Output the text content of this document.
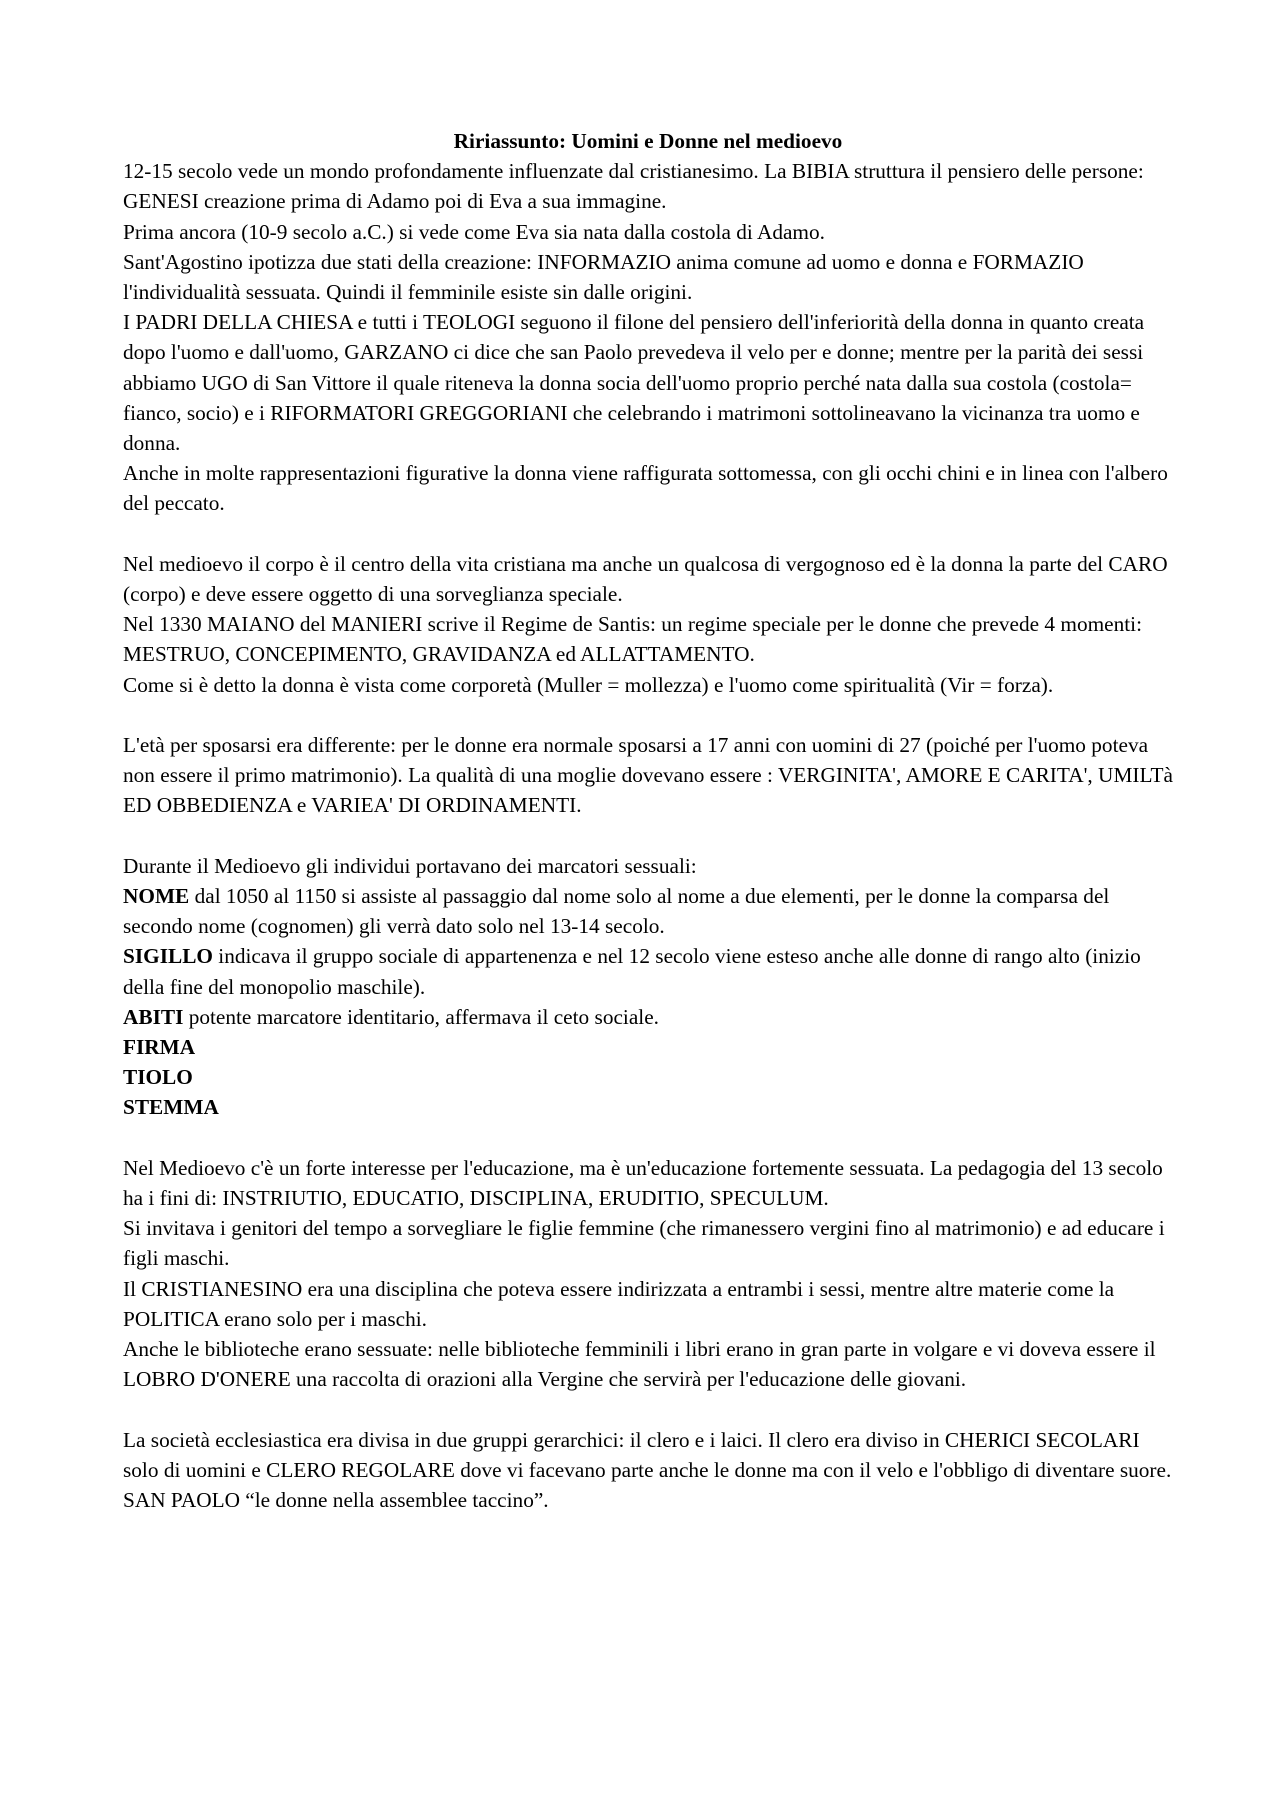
Ririassunto: Uomini e Donne nel medioevo

12-15 secolo vede un mondo profondamente influenzate dal cristianesimo. La BIBIA struttura il pensiero delle persone: GENESI creazione prima di Adamo poi di Eva a sua immagine.

Prima ancora (10-9 secolo a.C.) si vede come Eva sia nata dalla costola di Adamo.

Sant'Agostino ipotizza due stati della creazione: INFORMAZIO anima comune ad uomo e donna e FORMAZIO l'individualità sessuata. Quindi il femminile esiste sin dalle origini.

I PADRI DELLA CHIESA e tutti i TEOLOGI seguono il filone del pensiero dell'inferiorità della donna in quanto creata dopo l'uomo e dall'uomo, GARZANO ci dice che san Paolo prevedeva il velo per e donne; mentre per la parità dei sessi abbiamo UGO di San Vittore il quale riteneva la donna socia dell'uomo proprio perché nata dalla sua costola (costola= fianco, socio) e i RIFORMATORI GREGGORIANI che celebrando i matrimoni sottolineavano la vicinanza tra uomo e donna.

Anche in molte rappresentazioni figurative la donna viene raffigurata sottomessa, con gli occhi chini e in linea con l'albero del peccato.

Nel medioevo il corpo è il centro della vita cristiana ma anche un qualcosa di vergognoso ed è la donna la parte del CARO (corpo) e deve essere oggetto di una sorveglianza speciale.

Nel 1330 MAIANO del MANIERI scrive il Regime de Santis: un regime speciale per le donne che prevede 4 momenti: MESTRUO, CONCEPIMENTO, GRAVIDANZA ed ALLATTAMENTO.

Come si è detto la donna è vista come corporetà (Muller = mollezza) e l'uomo come spiritualità (Vir = forza).

L'età per sposarsi era differente: per le donne era normale sposarsi a 17 anni con uomini di 27 (poiché per l'uomo poteva non essere il primo matrimonio). La qualità di una moglie dovevano essere : VERGINITA', AMORE E CARITA', UMILTà ED OBBEDIENZA e VARIEA' DI ORDINAMENTI.

Durante il Medioevo gli individui portavano dei marcatori sessuali:

NOME dal 1050 al 1150 si assiste al passaggio dal nome solo al nome a due elementi, per le donne la comparsa del secondo nome (cognomen) gli verrà dato solo nel 13-14 secolo.

SIGILLO indicava il gruppo sociale di appartenenza e nel 12 secolo viene esteso anche alle donne di rango alto (inizio della fine del monopolio maschile).

ABITI potente marcatore identitario, affermava il ceto sociale.

FIRMA

TIOLO

STEMMA

Nel Medioevo c'è un forte interesse per l'educazione, ma è un'educazione fortemente sessuata. La pedagogia del 13 secolo ha i fini di: INSTRIUTIO, EDUCATIO, DISCIPLINA, ERUDITIO, SPECULUM.

Si invitava i genitori del tempo a sorvegliare le figlie femmine (che rimanessero vergini fino al matrimonio) e ad educare i figli maschi.

Il CRISTIANESINO era una disciplina che poteva essere indirizzata a entrambi i sessi, mentre altre materie come la POLITICA erano solo per i maschi.

Anche le biblioteche erano sessuate: nelle biblioteche femminili i libri erano in gran parte in volgare e vi doveva essere il LOBRO D'ONERE una raccolta di orazioni alla Vergine che servirà per l'educazione delle giovani.

La società ecclesiastica era divisa in due gruppi gerarchici: il clero e i laici. Il clero era diviso in CHERICI SECOLARI solo di uomini e CLERO REGOLARE dove vi facevano parte anche le donne ma con il velo e l'obbligo di diventare suore.

SAN PAOLO “le donne nella assemblee taccino”.
